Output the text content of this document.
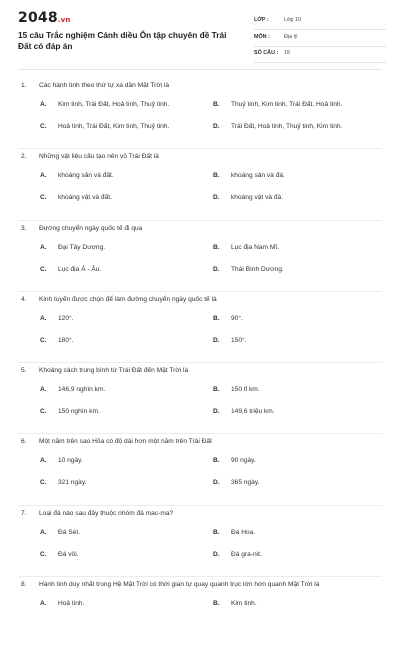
2048.vn
15 câu Trắc nghiệm Cánh diều Ôn tập chuyên đề Trái Đất có đáp án
LỚP :	Lớp 10
MÔN :	Địa lý
SỐ CÂU : 15
1. Các hành tinh theo thứ tự xa dần Mặt Trời là
A. Kim tinh, Trái Đất, Hoả tinh, Thuỷ tinh.	B. Thuỷ tinh, Kim tinh, Trái Đất, Hoả tinh.
C. Hoả tinh, Trái Đất, Kim tinh, Thuỷ tinh.	D. Trái Đất, Hoả tinh, Thuỷ tinh, Kim tinh.
2. Những vật liệu cấu tạo nên vỏ Trái Đất là
A. khoáng sản và đất.	B. khoáng sản và đá.
C. khoáng vật và đất.	D. khoáng vật và đá.
3. Đường chuyển ngày quốc tế đi qua
A. Đại Tây Dương.	B. Lục địa Nam Mĩ.
C. Lục địa Á - Âu.	D. Thái Bình Dương.
4. Kinh tuyến được chọn để làm đường chuyển ngày quốc tế là
A. 120°.	B. 90°.
C. 180°.	D. 150°.
5. Khoảng cách trung bình từ Trái Đất đến Mặt Trời là
A. 146,9 nghìn km.	B. 150 tỉ km.
C. 150 nghìn km.	D. 149,6 triệu km.
6. Một năm trên sao Hỏa có độ dài hơn một năm trên Trái Đất
A. 10 ngày.	B. 90 ngày.
C. 321 ngày.	D. 365 ngày.
7. Loại đá nào sau đây thuộc nhóm đá mac-ma?
A. Đá Sét.	B. Đá Hoa.
C. Đá vôi.	D. Đá gra-nit.
8. Hành tinh duy nhất trong Hệ Mặt Trời có thời gian tự quay quanh trục lớn hơn quanh Mặt Trời là
A. Hoả tinh.	B. Kim tinh.
